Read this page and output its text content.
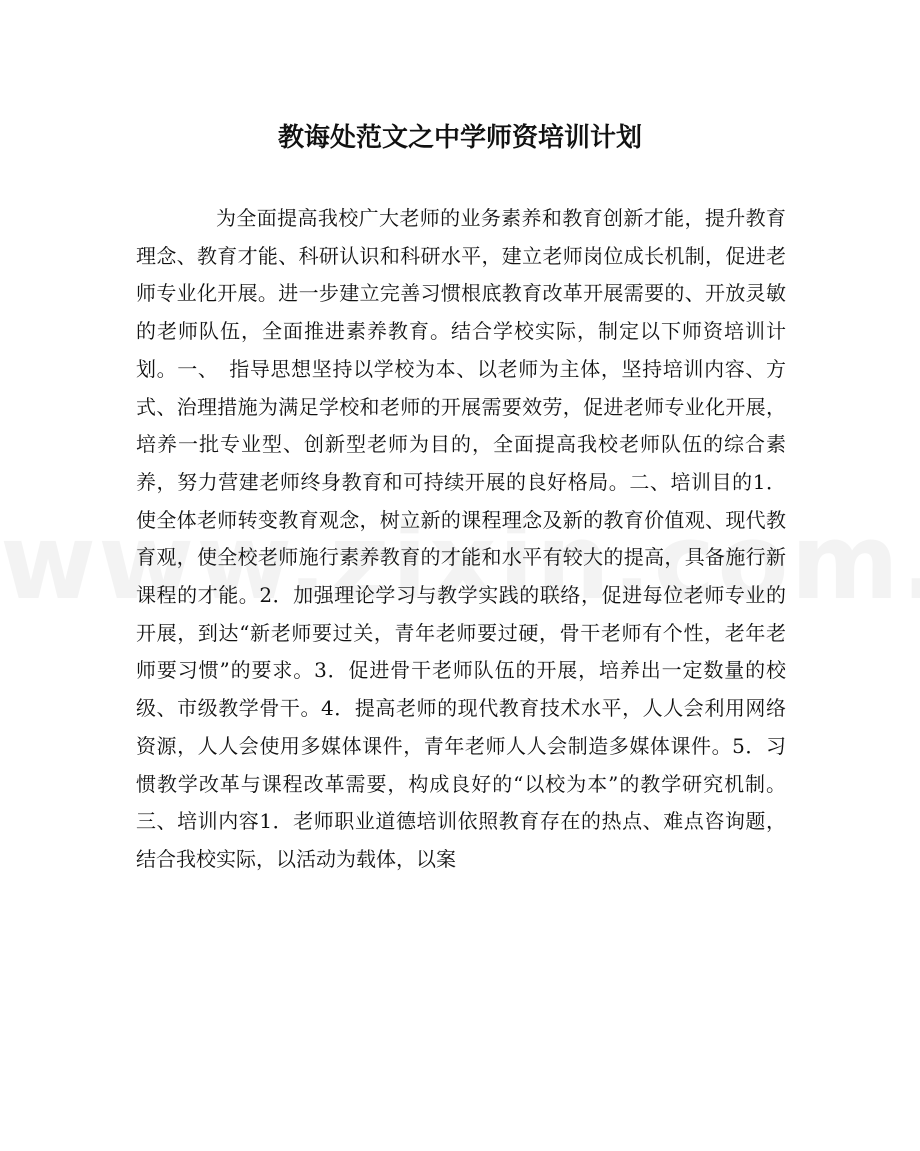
教诲处范文之中学师资培训计划

为全面提高我校广大老师的业务素养和教育创新才能，提升教育理念、教育才能、科研认识和科研水平，建立老师岗位成长机制，促进老师专业化开展。进一步建立完善习惯根底教育改革开展需要的、开放灵敏的老师队伍，全面推进素养教育。结合学校实际，制定以下师资培训计划。一、　指导思想坚持以学校为本、以老师为主体，坚持培训内容、方式、治理措施为满足学校和老师的开展需要效劳，促进老师专业化开展，培养一批专业型、创新型老师为目的，全面提高我校老师队伍的综合素养，努力营建老师终身教育和可持续开展的良好格局。二、培训目的1．使全体老师转变教育观念，树立新的课程理念及新的教育价值观、现代教育观，使全校老师施行素养教育的才能和水平有较大的提高，具备施行新课程的才能。2．加强理论学习与教学实践的联络，促进每位老师专业的开展，到达“新老师要过关，青年老师要过硬，骨干老师有个性，老年老师要习惯”的要求。3．促进骨干老师队伍的开展，培养出一定数量的校级、市级教学骨干。4．提高老师的现代教育技术水平，人人会利用网络资源，人人会使用多媒体课件，青年老师人人会制造多媒体课件。5．习惯教学改革与课程改革需要，构成良好的“以校为本”的教学研究机制。三、培训内容1．老师职业道德培训依照教育存在的热点、难点咨询题，结合我校实际，以活动为载体，以案
